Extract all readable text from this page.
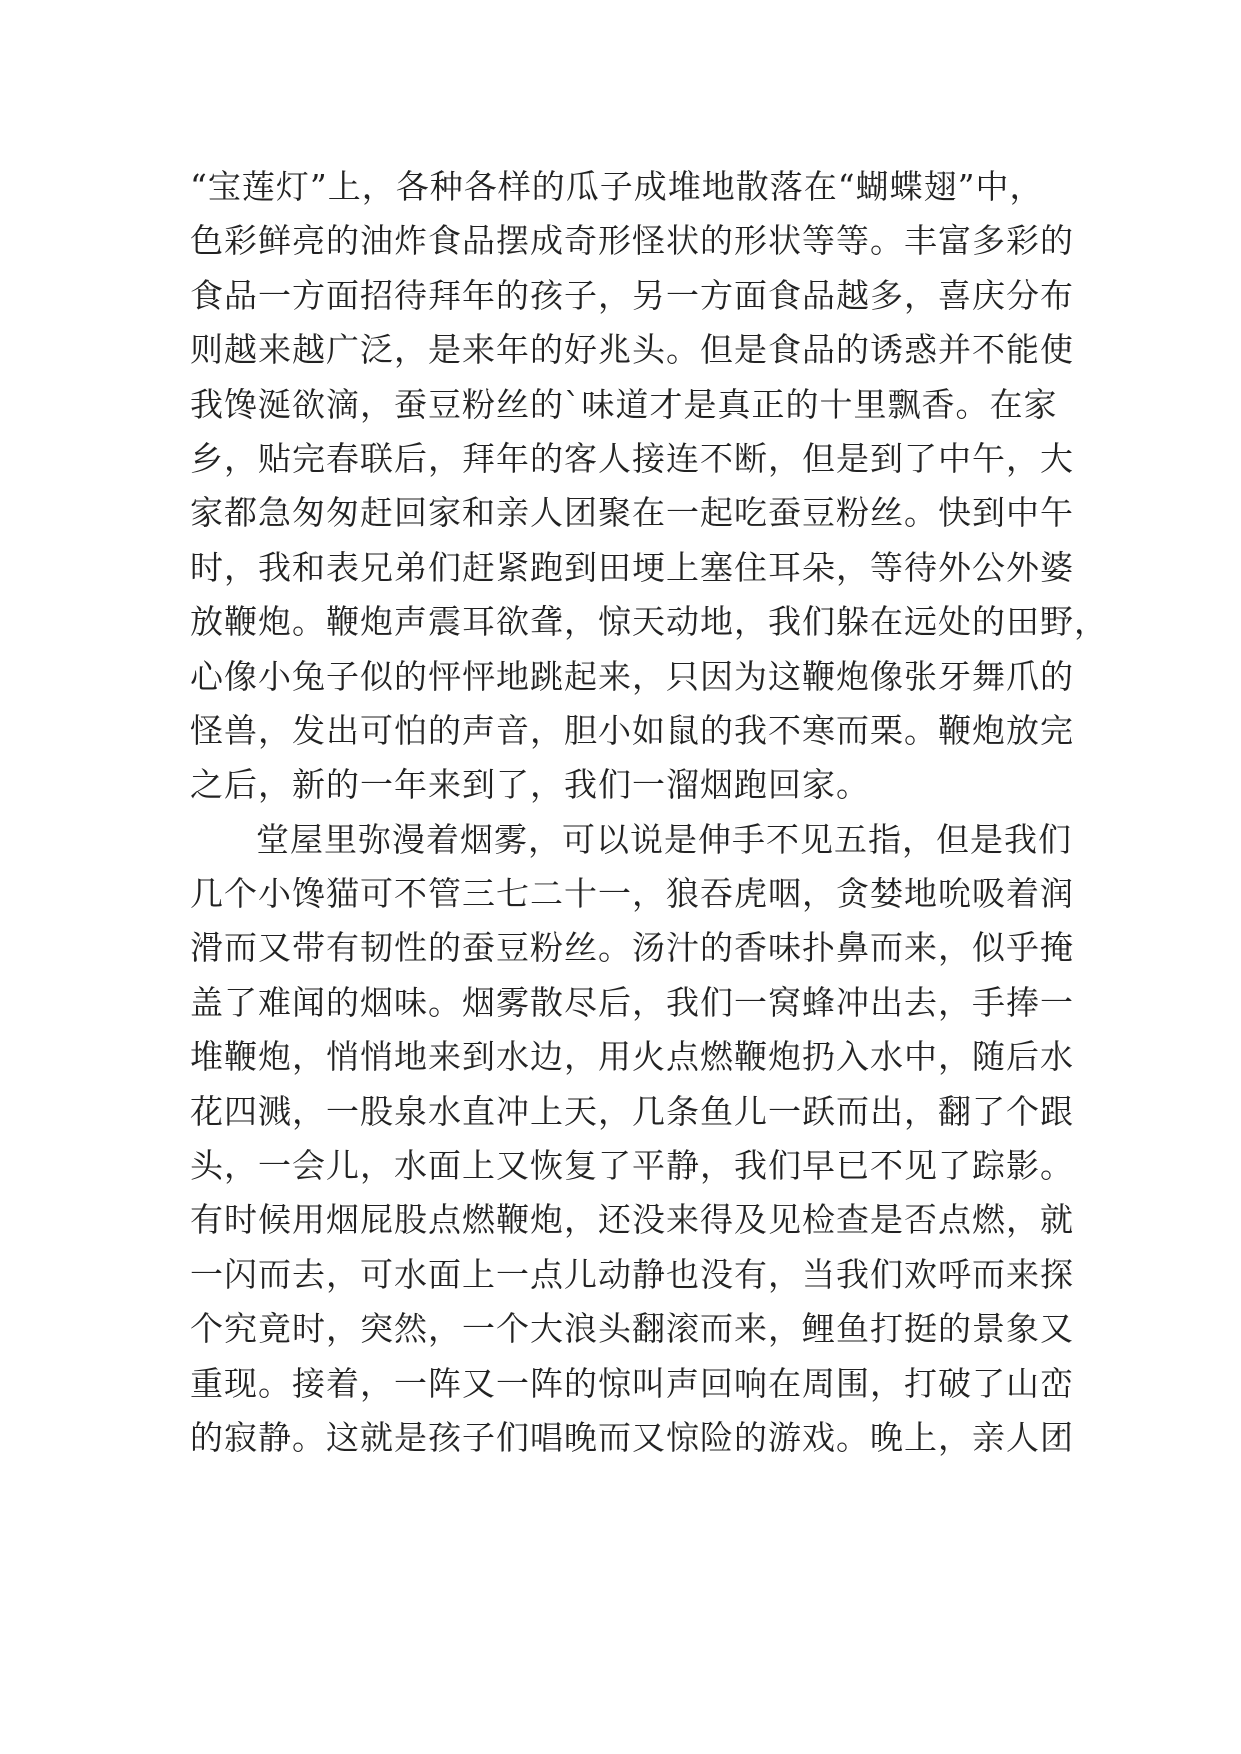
“宝莲灯”上，各种各样的瓜子成堆地散落在“蝴蝶翅”中，
色彩鲜亮的油炸食品摆成奇形怪状的形状等等。丰富多彩的
食品一方面招待拜年的孩子，另一方面食品越多，喜庆分布
则越来越广泛，是来年的好兆头。但是食品的诱惑并不能使
我馋涎欲滴，蚕豆粉丝的`味道才是真正的十里飘香。在家
乡，贴完春联后，拜年的客人接连不断，但是到了中午，大
家都急匆匆赶回家和亲人团聚在一起吃蚕豆粉丝。快到中午
时，我和表兄弟们赶紧跑到田埂上塞住耳朵，等待外公外婆
放鞭炮。鞭炮声震耳欲聋，惊天动地，我们躲在远处的田野，
心像小兔子似的怦怦地跳起来，只因为这鞭炮像张牙舞爪的
怪兽，发出可怕的声音，胆小如鼠的我不寒而栗。鞭炮放完
之后，新的一年来到了，我们一溜烟跑回家。
堂屋里弥漫着烟雾，可以说是伸手不见五指，但是我们
几个小馋猫可不管三七二十一，狼吞虎咽，贪婪地吮吸着润
滑而又带有韧性的蚕豆粉丝。汤汁的香味扑鼻而来，似乎掩
盖了难闻的烟味。烟雾散尽后，我们一窝蜂冲出去，手捧一
堆鞭炮，悄悄地来到水边，用火点燃鞭炮扔入水中，随后水
花四溅，一股泉水直冲上天，几条鱼儿一跃而出，翻了个跟
头，一会儿，水面上又恢复了平静，我们早已不见了踪影。
有时候用烟屁股点燃鞭炮，还没来得及见检查是否点燃，就
一闪而去，可水面上一点儿动静也没有，当我们欢呼而来探
个究竟时，突然，一个大浪头翻滚而来，鲤鱼打挺的景象又
重现。接着，一阵又一阵的惊叫声回响在周围，打破了山峦
的寂静。这就是孩子们唱晚而又惊险的游戏。晚上，亲人团
